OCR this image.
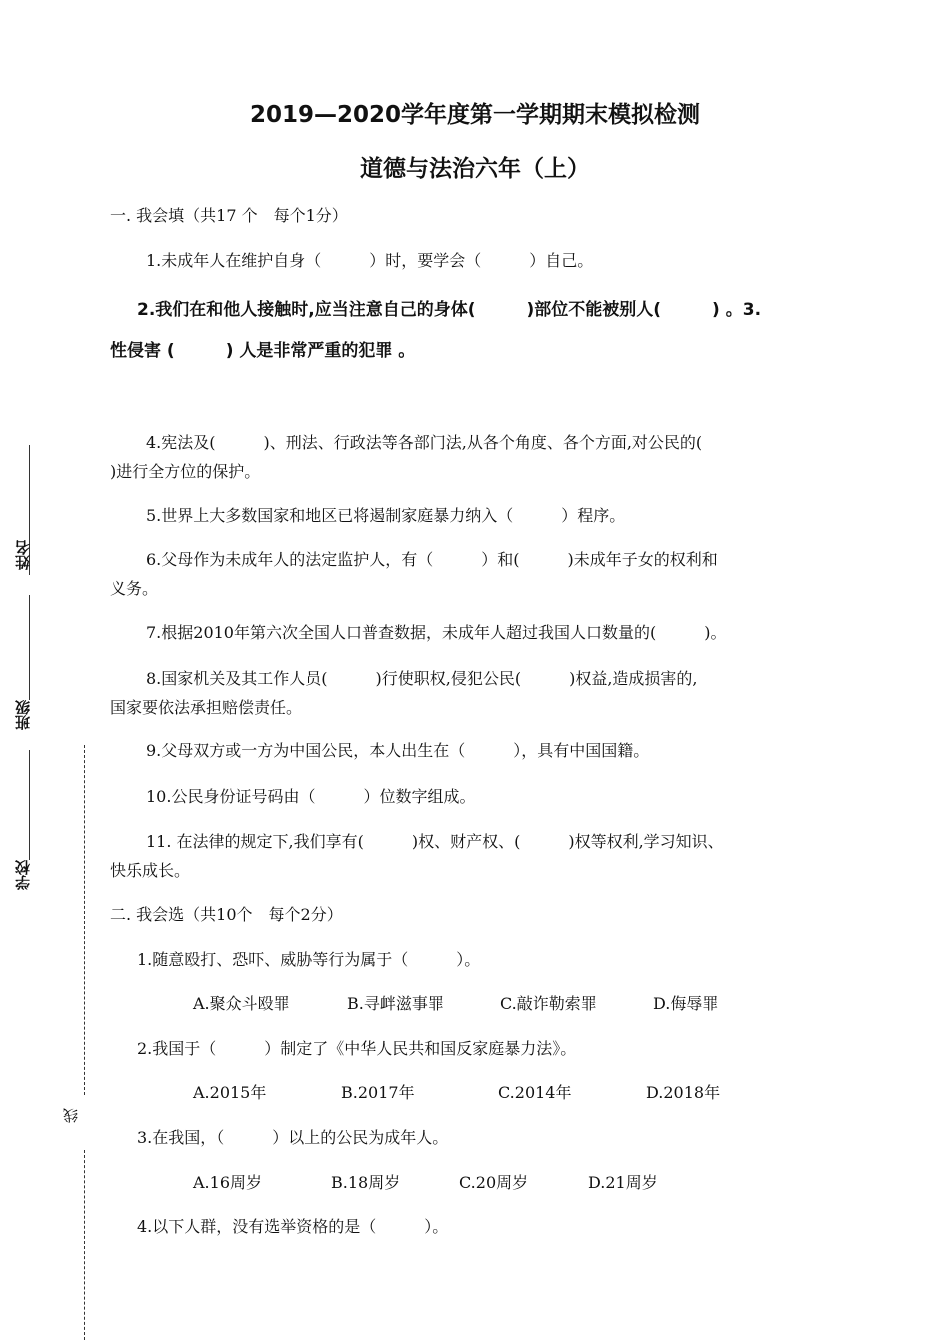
2019—2020学年度第一学期期末模拟检测
道德与法治六年（上）
姓名
班级
学校
线
一. 我会填（共17 个　每个1分）
1.未成年人在维护自身（　　　）时，要学会（　　　）自己。
2.我们在和他人接触时,应当注意自己的身体(　　　)部位不能被别人(　　　) 。3.
性侵害 (　　　) 人是非常严重的犯罪 。
4.宪法及(　　　)、刑法、行政法等各部门法,从各个角度、各个方面,对公民的(
)进行全方位的保护。
5.世界上大多数国家和地区已将遏制家庭暴力纳入（　　　）程序。
6.父母作为未成年人的法定监护人，有（　　　）和(　　　)未成年子女的权利和
义务。
7.根据2010年第六次全国人口普查数据，未成年人超过我国人口数量的(　　　)。
8.国家机关及其工作人员(　　　)行使职权,侵犯公民(　　　)权益,造成损害的,
国家要依法承担赔偿责任。
9.父母双方或一方为中国公民，本人出生在（　　　），具有中国国籍。
10.公民身份证号码由（　　　）位数字组成。
11. 在法律的规定下,我们享有(　　　)权、财产权、(　　　)权等权利,学习知识、
快乐成长。
二. 我会选（共10个　每个2分）
1.随意殴打、恐吓、威胁等行为属于（　　　）。
A.聚众斗殴罪	B.寻衅滋事罪	C.敲诈勒索罪	D.侮辱罪
2.我国于（　　　）制定了《中华人民共和国反家庭暴力法》。
A.2015年	B.2017年	C.2014年	D.2018年
3.在我国，（　　　）以上的公民为成年人。
A.16周岁	B.18周岁	C.20周岁	D.21周岁
4.以下人群，没有选举资格的是（　　　）。
